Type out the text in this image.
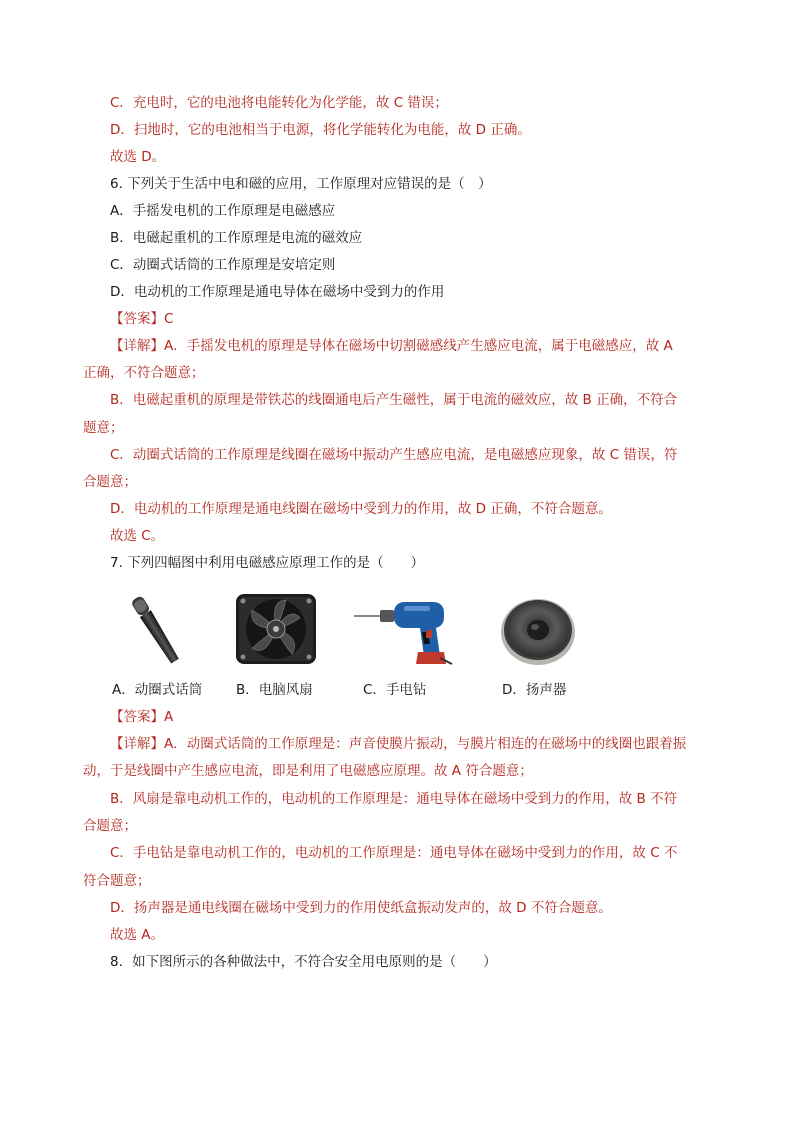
C．充电时，它的电池将电能转化为化学能，故 C 错误；
D．扫地时，它的电池相当于电源，将化学能转化为电能，故 D 正确。
故选 D。
6. 下列关于生活中电和磁的应用，工作原理对应错误的是（　）
A．手摇发电机的工作原理是电磁感应
B．电磁起重机的工作原理是电流的磁效应
C．动圈式话筒的工作原理是安培定则
D．电动机的工作原理是通电导体在磁场中受到力的作用
【答案】C
【详解】A．手摇发电机的原理是导体在磁场中切割磁感线产生感应电流，属于电磁感应，故 A
正确，不符合题意；
B．电磁起重机的原理是带铁芯的线圈通电后产生磁性，属于电流的磁效应，故 B 正确，不符合
题意；
C．动圈式话筒的工作原理是线圈在磁场中振动产生感应电流，是电磁感应现象，故 C 错误，符
合题意；
D．电动机的工作原理是通电线圈在磁场中受到力的作用，故 D 正确，不符合题意。
故选 C。
7. 下列四幅图中利用电磁感应原理工作的是（　　）
A．动圈式话筒	B．电脑风扇	C．手电钻	D．扬声器
【答案】A
【详解】A．动圈式话筒的工作原理是：声音使膜片振动，与膜片相连的在磁场中的线圈也跟着振
动，于是线圈中产生感应电流，即是利用了电磁感应原理。故 A 符合题意；
B．风扇是靠电动机工作的，电动机的工作原理是：通电导体在磁场中受到力的作用，故 B 不符
合题意；
C．手电钻是靠电动机工作的，电动机的工作原理是：通电导体在磁场中受到力的作用，故 C 不
符合题意；
D．扬声器是通电线圈在磁场中受到力的作用使纸盒振动发声的，故 D 不符合题意。
故选 A。
8．如下图所示的各种做法中，不符合安全用电原则的是（　　）
